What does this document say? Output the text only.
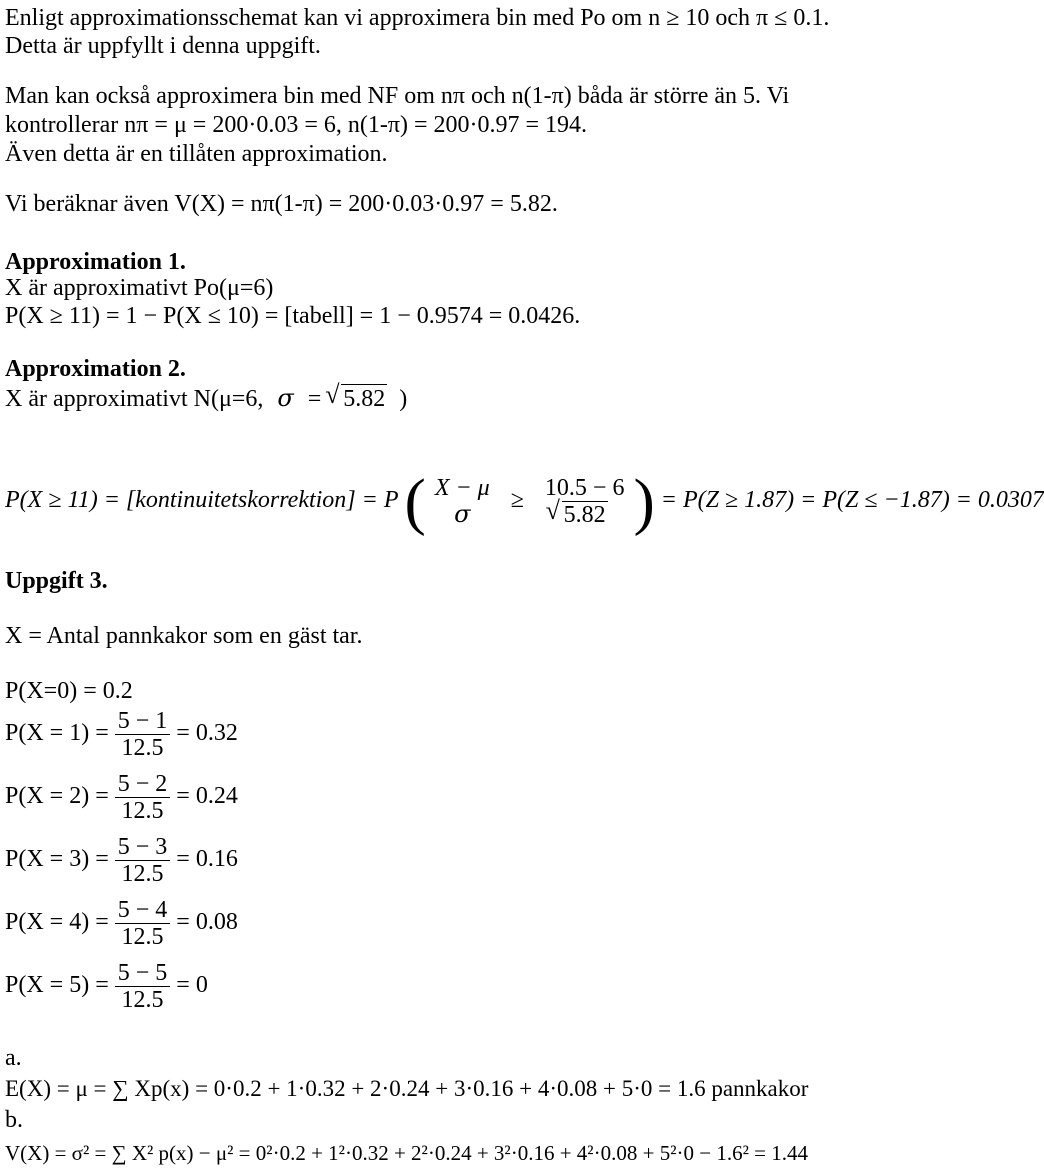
Enligt approximationsschemat kan vi approximera bin med Po om n ≥ 10 och π ≤ 0.1.
Detta är uppfyllt i denna uppgift.
Man kan också approximera bin med NF om nπ och n(1-π) båda är större än 5. Vi
kontrollerar nπ = μ = 200·0.03 = 6, n(1-π) = 200·0.97 = 194.
Även detta är en tillåten approximation.
Vi beräknar även V(X) = nπ(1-π) = 200·0.03·0.97 = 5.82.
Approximation 1.
X är approximativt Po(μ=6)
P(X ≥ 11) = 1 − P(X ≤ 10) = [tabell] = 1 − 0.9574 = 0.0426.
Approximation 2.
X är approximativt N(μ=6, σ = √ 5.82 )
P(X ≥ 11) = [kontinuitetskorrektion] = P ( X − μ
σ
≥ 10.5 − 6
√ 5.82 ) = P(Z ≥ 1.87) = P(Z ≤ −1.87) = 0.0307
Uppgift 3.
X = Antal pannkakor som en gäst tar.
P(X=0) = 0.2
$P(X = 1) = \frac{5 - 1}{12.5} = 0.32$
$P(X = 2) = \frac{5 - 2}{12.5} = 0.24$
$P(X = 3) = \frac{5 - 3}{12.5} = 0.16$
$P(X = 4) = \frac{5 - 4}{12.5} = 0.08$
$P(X = 5) = \frac{5 - 5}{12.5} = 0$
a.
E(X) = μ = ∑ Xp(x) = 0·0.2 + 1·0.32 + 2·0.24 + 3·0.16 + 4·0.08 + 5·0 = 1.6 pannkakor
b.
V(X) = σ² = ∑ X² p(x) − μ² = 0²·0.2 + 1²·0.32 + 2²·0.24 + 3²·0.16 + 4²·0.08 + 5²·0 − 1.6² = 1.44
